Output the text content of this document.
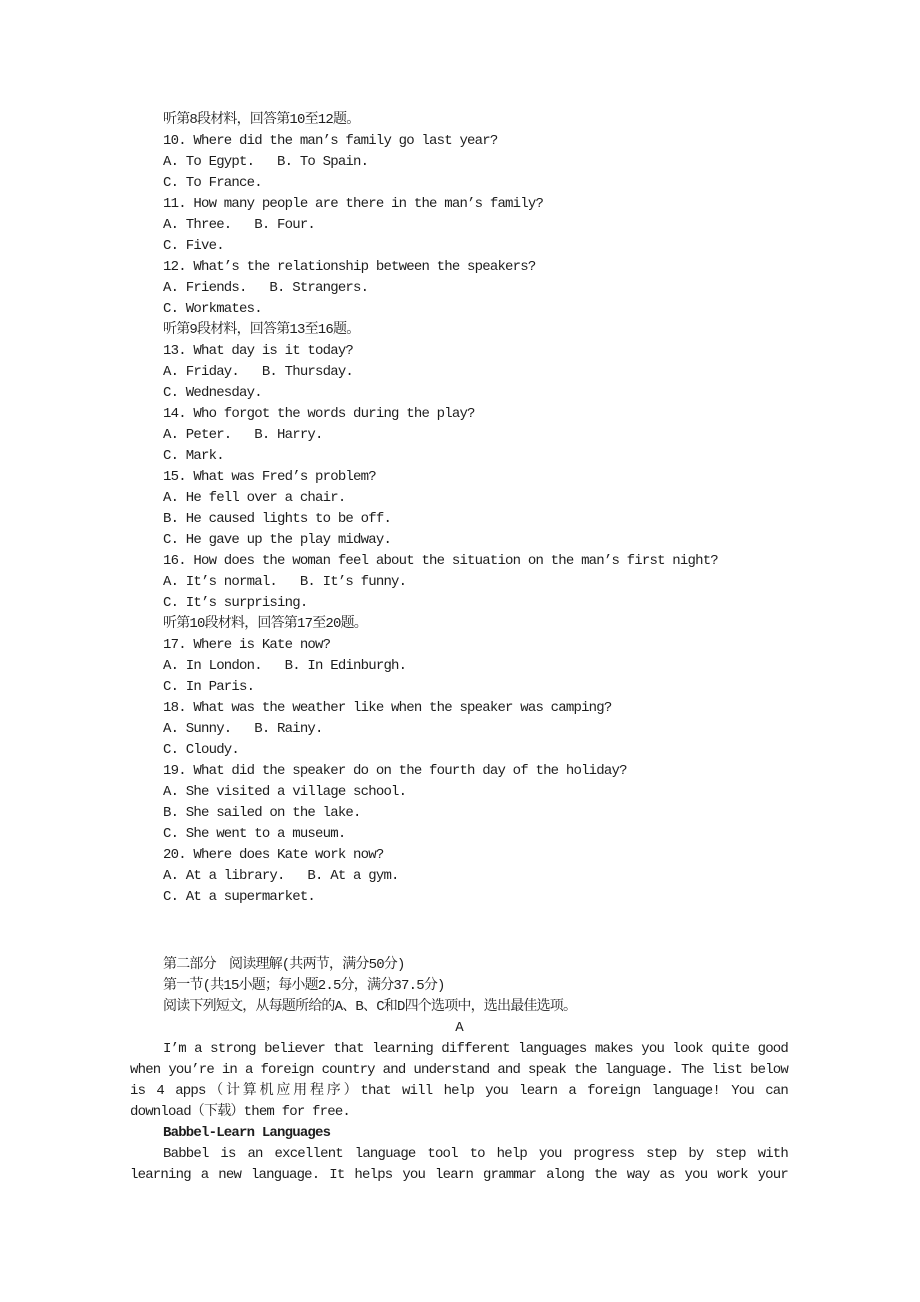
听第8段材料，回答第10至12题。
10. Where did the man’s family go last year?
A. To Egypt.   B. To Spain.
C. To France.
11. How many people are there in the man’s family?
A. Three.   B. Four.
C. Five.
12. What’s the relationship between the speakers?
A. Friends.   B. Strangers.
C. Workmates.
听第9段材料，回答第13至16题。
13. What day is it today?
A. Friday.   B. Thursday.
C. Wednesday.
14. Who forgot the words during the play?
A. Peter.   B. Harry.
C. Mark.
15. What was Fred’s problem?
A. He fell over a chair.
B. He caused lights to be off.
C. He gave up the play midway.
16. How does the woman feel about the situation on the man’s first night?
A. It’s normal.   B. It’s funny.
C. It’s surprising.
听第10段材料，回答第17至20题。
17. Where is Kate now?
A. In London.   B. In Edinburgh.
C. In Paris.
18. What was the weather like when the speaker was camping?
A. Sunny.   B. Rainy.
C. Cloudy.
19. What did the speaker do on the fourth day of the holiday?
A. She visited a village school.
B. She sailed on the lake.
C. She went to a museum.
20. Where does Kate work now?
A. At a library.   B. At a gym.
C. At a supermarket.
第二部分　阅读理解(共两节，满分50分)
第一节(共15小题；每小题2.5分，满分37.5分)
阅读下列短文，从每题所给的A、B、C和D四个选项中，选出最佳选项。
A
I’m a strong believer that learning different languages makes you look quite good
when you’re in a foreign country and understand and speak the language. The list below
is 4 apps（计算机应用程序）that will help you learn a foreign language! You can
download（下载）them for free.
Babbel-Learn Languages
Babbel is an excellent language tool to help you progress step by step with
learning a new language. It helps you learn grammar along the way as you work your
